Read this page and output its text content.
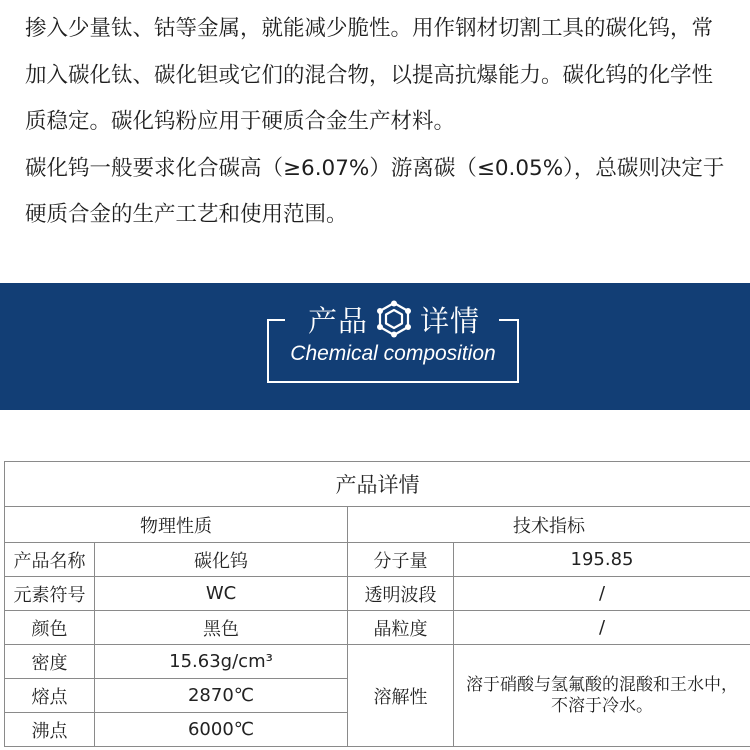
掺入少量钛、钴等金属，就能减少脆性。用作钢材切割工具的碳化钨，常加入碳化钛、碳化钽或它们的混合物，以提高抗爆能力。碳化钨的化学性质稳定。碳化钨粉应用于硬质合金生产材料。

碳化钨一般要求化合碳高（≥6.07%）游离碳（≤0.05%），总碳则决定于硬质合金的生产工艺和使用范围。

产品 详情
Chemical composition
产品详情			
物理性质		技术指标	
产品名称	碳化钨	分子量	195.85
元素符号	WC	透明波段	/
颜色	黑色	晶粒度	/
密度	15.63g/cm³	溶解性	溶于硝酸与氢氟酸的混酸和王水中，不溶于冷水。
熔点	2870℃		
沸点	6000℃		
